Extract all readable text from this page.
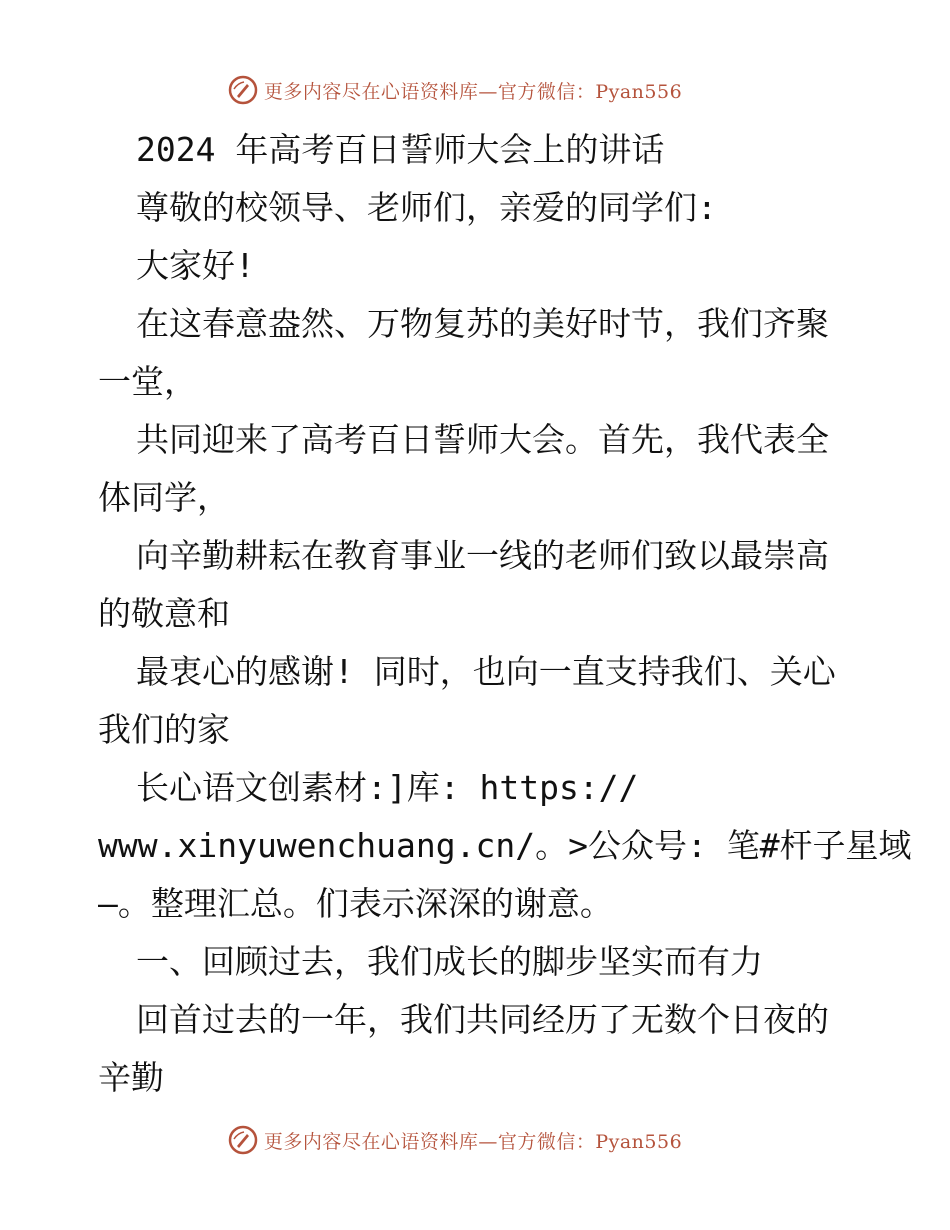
更多内容尽在心语资料库—官方微信：Pyan556
2024 年高考百日誓师大会上的讲话
尊敬的校领导、老师们，亲爱的同学们:
大家好!
在这春意盎然、万物复苏的美好时节，我们齐聚
一堂，
共同迎来了高考百日誓师大会。首先，我代表全
体同学，
向辛勤耕耘在教育事业一线的老师们致以最崇高
的敬意和
最衷心的感谢! 同时，也向一直支持我们、关心
我们的家
长心语文创素材:]库: https://
www.xinyuwenchuang.cn/。>公众号: 笔#杆子星域
—。整理汇总。们表示深深的谢意。
一、回顾过去，我们成长的脚步坚实而有力
回首过去的一年，我们共同经历了无数个日夜的
辛勤
更多内容尽在心语资料库—官方微信：Pyan556
